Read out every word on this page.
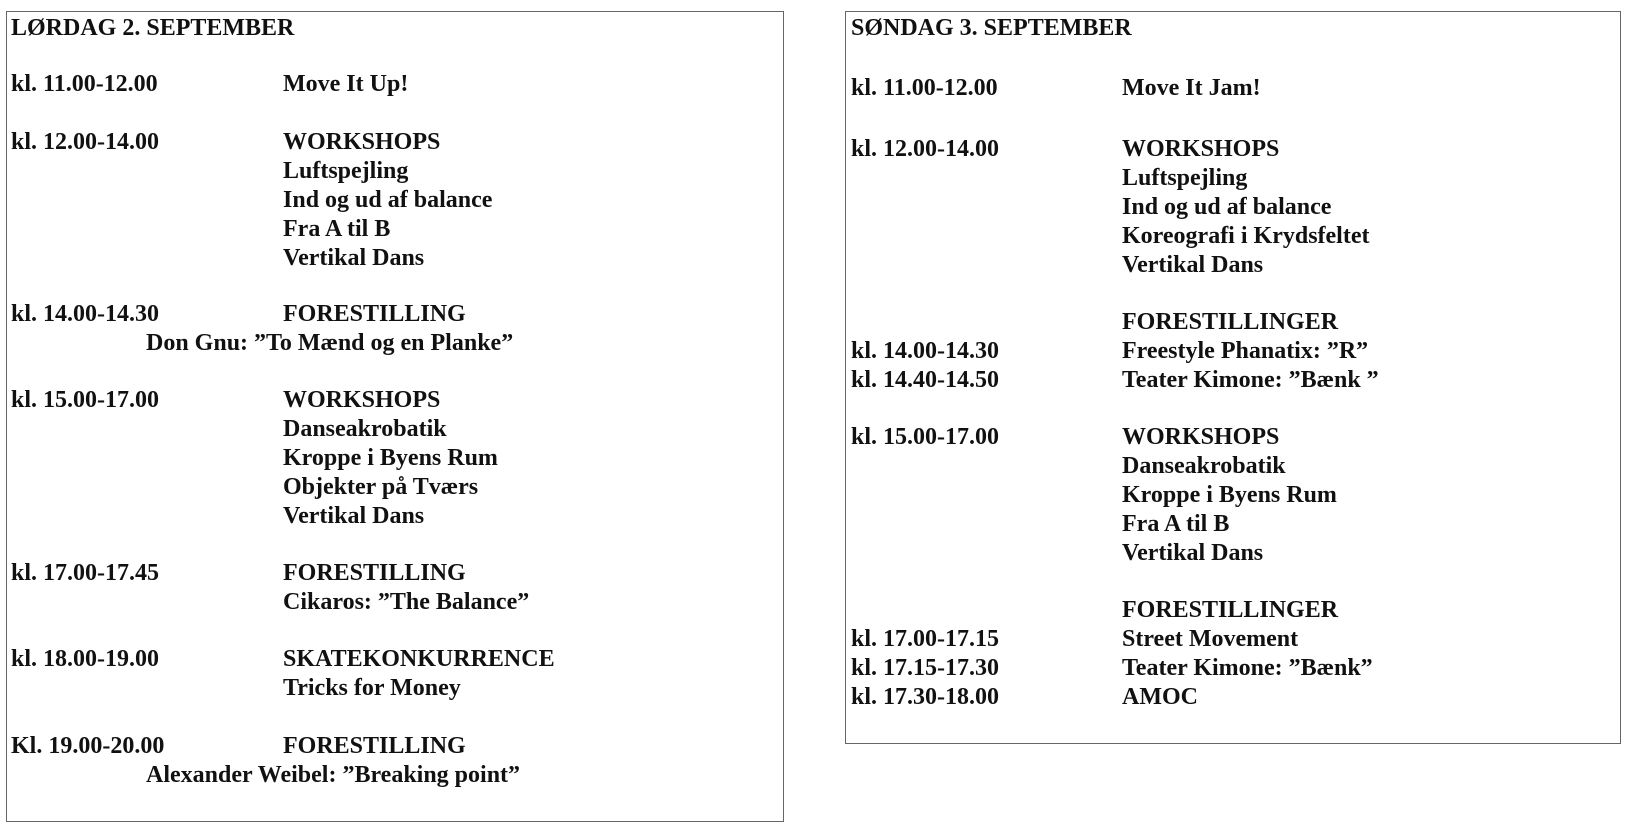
LØRDAG 2. SEPTEMBER
kl. 11.00-12.00	Move It Up!
kl. 12.00-14.00	WORKSHOPS
Luftspejling
Ind og ud af balance
Fra A til B
Vertikal Dans
kl. 14.00-14.30	FORESTILLING
Don Gnu: ”To Mænd og en Planke”
kl. 15.00-17.00	WORKSHOPS
Danseakrobatik
Kroppe i Byens Rum
Objekter på Tværs
Vertikal Dans
kl. 17.00-17.45	FORESTILLING
Cikaros: ”The Balance”
kl. 18.00-19.00	SKATEKONKURRENCE
Tricks for Money
Kl. 19.00-20.00	FORESTILLING
Alexander Weibel: ”Breaking point”
SØNDAG 3. SEPTEMBER
kl. 11.00-12.00	Move It Jam!
kl. 12.00-14.00	WORKSHOPS
Luftspejling
Ind og ud af balance
Koreografi i Krydsfeltet
Vertikal Dans
FORESTILLINGER
kl. 14.00-14.30	Freestyle Phanatix: ”R”
kl. 14.40-14.50	Teater Kimone: ”Bænk ”
kl. 15.00-17.00	WORKSHOPS
Danseakrobatik
Kroppe i Byens Rum
Fra A til B
Vertikal Dans
FORESTILLINGER
kl. 17.00-17.15	Street Movement
kl. 17.15-17.30	Teater Kimone: ”Bænk”
kl. 17.30-18.00	AMOC
